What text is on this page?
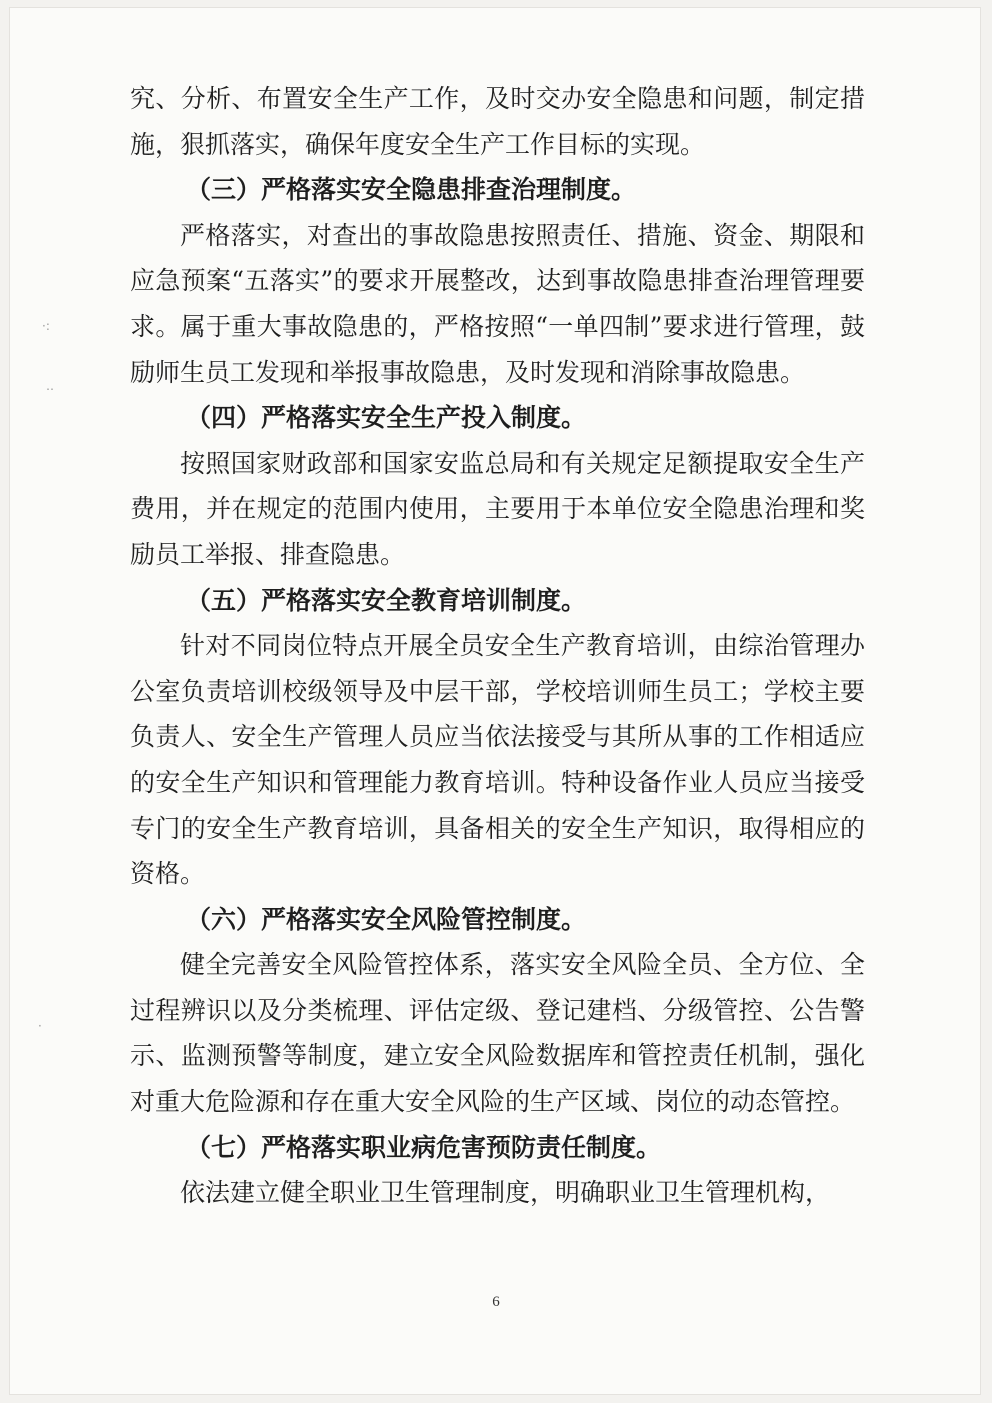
·:
‥
·

究、分析、布置安全生产工作，及时交办安全隐患和问题，制定措施，狠抓落实，确保年度安全生产工作目标的实现。

（三）严格落实安全隐患排查治理制度。

严格落实，对查出的事故隐患按照责任、措施、资金、期限和应急预案“五落实”的要求开展整改，达到事故隐患排查治理管理要求。属于重大事故隐患的，严格按照“一单四制”要求进行管理，鼓励师生员工发现和举报事故隐患，及时发现和消除事故隐患。

（四）严格落实安全生产投入制度。

按照国家财政部和国家安监总局和有关规定足额提取安全生产费用，并在规定的范围内使用，主要用于本单位安全隐患治理和奖励员工举报、排查隐患。

（五）严格落实安全教育培训制度。

针对不同岗位特点开展全员安全生产教育培训，由综治管理办公室负责培训校级领导及中层干部，学校培训师生员工；学校主要负责人、安全生产管理人员应当依法接受与其所从事的工作相适应的安全生产知识和管理能力教育培训。特种设备作业人员应当接受专门的安全生产教育培训，具备相关的安全生产知识，取得相应的资格。

（六）严格落实安全风险管控制度。

健全完善安全风险管控体系，落实安全风险全员、全方位、全过程辨识以及分类梳理、评估定级、登记建档、分级管控、公告警示、监测预警等制度，建立安全风险数据库和管控责任机制，强化对重大危险源和存在重大安全风险的生产区域、岗位的动态管控。

（七）严格落实职业病危害预防责任制度。

依法建立健全职业卫生管理制度，明确职业卫生管理机构，

6
